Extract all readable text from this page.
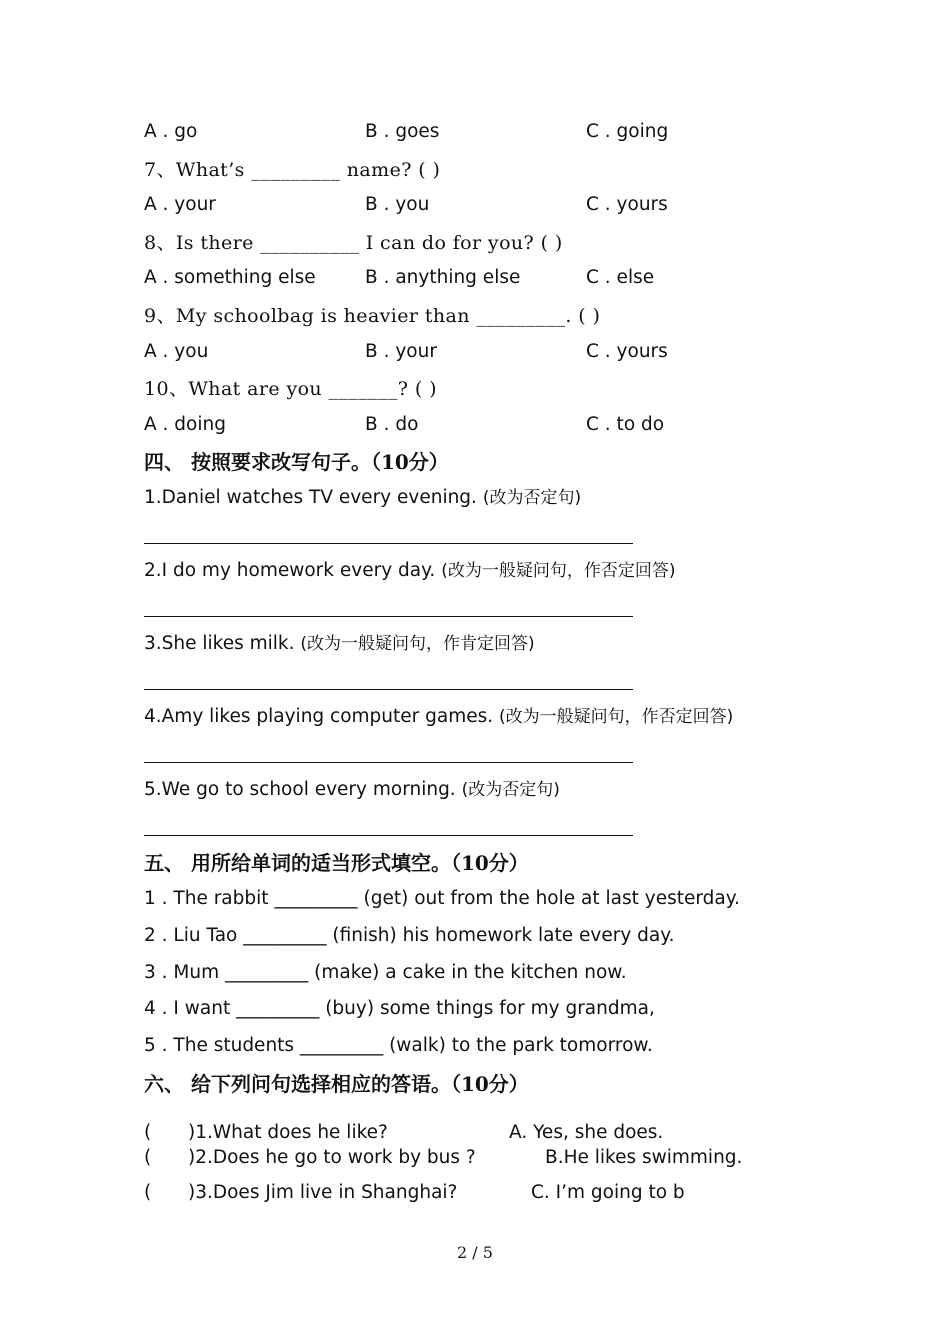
A . go	B . goes	C . going
7、What’s _________ name? ( )
A . your	B . you	C . yours
8、Is there __________ I can do for you? ( )
A . something else	B . anything else	C . else
9、My schoolbag is heavier than _________. ( )
A . you	B . your	C . yours
10、What are you _______? ( )
A . doing	B . do	C . to do
四、 按照要求改写句子。（10分）
1.Daniel watches TV every evening. (改为否定句)
2.I do my homework every day. (改为一般疑问句，作否定回答)
3.She likes milk. (改为一般疑问句，作肯定回答)
4.Amy likes playing computer games. (改为一般疑问句，作否定回答)
5.We go to school every morning. (改为否定句)
五、 用所给单词的适当形式填空。（10分）
1 . The rabbit _________ (get) out from the hole at last yesterday.
2 . Liu Tao _________ (finish) his homework late every day.
3 . Mum _________ (make) a cake in the kitchen now.
4 . I want _________ (buy) some things for my grandma,
5 . The students _________ (walk) to the park tomorrow.
六、 给下列问句选择相应的答语。（10分）
( )1.What does he like?	A. Yes, she does.
( )2.Does he go to work by bus ?	B.He likes swimming.
( )3.Does Jim live in Shanghai?	C. I’m going to b
2 / 5
